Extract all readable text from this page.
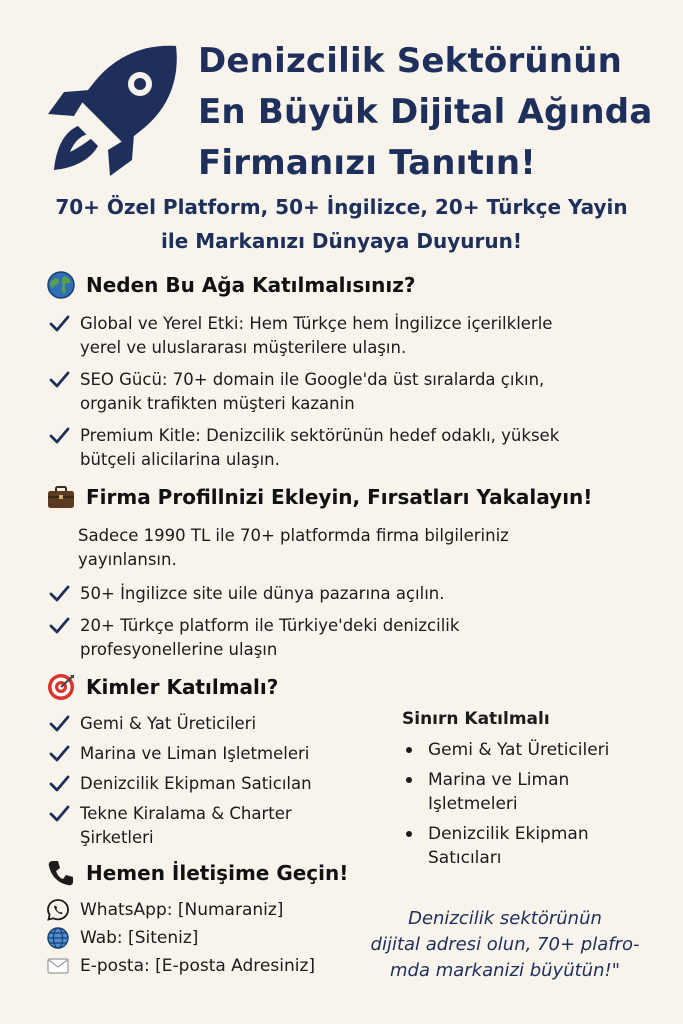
Denizcilik Sektörünün
En Büyük Dijital Ağında
Firmanızı Tanıtın!
70+ Özel Platform, 50+ İngilizce, 20+ Türkçe Yayin
ile Markanızı Dünyaya Duyurun!
Neden Bu Ağa Katılmalısınız?
Global ve Yerel Etki: Hem Türkçe hem İngilizce içerilklerle
yerel ve uluslararası müşterilere ulaşın.
SEO Gücü: 70+ domain ile Google'da üst sıralarda çıkın,
organik trafikten müşteri kazanin
Premium Kitle: Denizcilik sektörünün hedef odaklı, yüksek
bütçeli alicilarina ulaşın.
Firma Profillnizi Ekleyin, Fırsatları Yakalayın!
Sadece 1990 TL ile 70+ platformda firma bilgileriniz
yayınlansın.
50+ İngilizce site uile dünya pazarına açılın.
20+ Türkçe platform ile Türkiye'deki denizcilik
profesyonellerine ulaşın
Kimler Katılmalı?
Gemi & Yat Üreticileri
Marina ve Liman Işletmeleri
Denizcilik Ekipman Saticılan
Tekne Kiralama & Charter
Şirketleri
Sinırn Katılmalı
Gemi & Yat Üreticileri
Marina ve Liman
Işletmeleri
Denizcilik Ekipman
Satıcıları
Hemen İletişime Geçin!
WhatsApp: [Numaraniz]
Wab: [Siteniz]
E-posta: [E-posta Adresiniz]
Denizcilik sektörünün
dijital adresi olun, 70+ plafro-
mda markanizi büyütün!"
